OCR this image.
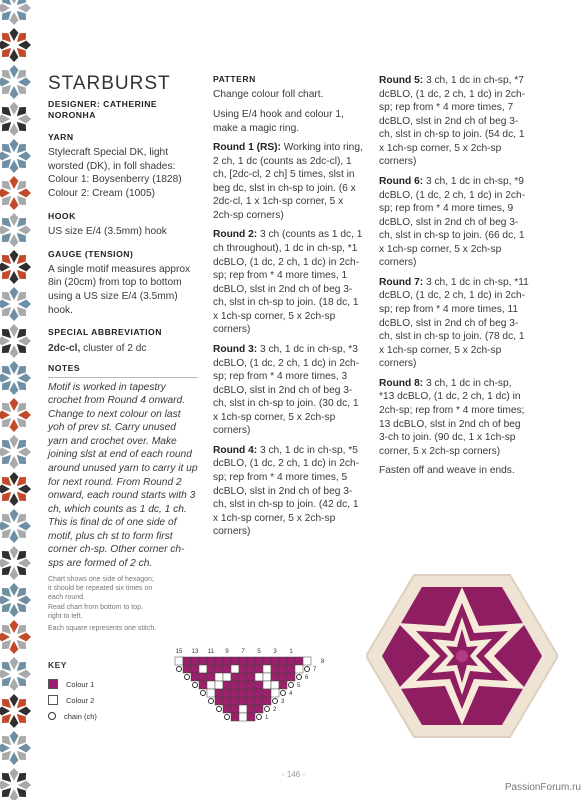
STARBURST
DESIGNER: CATHERINE NORONHA
YARN

Stylecraft Special DK, light worsted (DK), in foll shades:
Colour 1: Boysenberry (1828)
Colour 2: Cream (1005)

HOOK

US size E/4 (3.5mm) hook

GAUGE (TENSION)

A single motif measures approx 8in (20cm) from top to bottom using a US size E/4 (3.5mm) hook.

SPECIAL ABBREVIATION

2dc-cl, cluster of 2 dc

NOTES

Motif is worked in tapestry crochet from Round 4 onward. Change to next colour on last yoh of prev st. Carry unused yarn and crochet over. Make joining slst at end of each round around unused yarn to carry it up for next round. From Round 2 onward, each round starts with 3 ch, which counts as 1 dc, 1 ch. This is final dc of one side of motif, plus ch st to form first corner ch-sp. Other corner ch-sps are formed of 2 ch.

PATTERN

Change colour foll chart.

Using E/4 hook and colour 1, make a magic ring.

Round 1 (RS): Working into ring, 2 ch, 1 dc (counts as 2dc-cl), 1 ch, [2dc-cl, 2 ch] 5 times, slst in beg dc, slst in ch-sp to join. (6 x 2dc-cl, 1 x 1ch-sp corner, 5 x 2ch-sp corners)

Round 2: 3 ch (counts as 1 dc, 1 ch throughout), 1 dc in ch-sp, *1 dcBLO, (1 dc, 2 ch, 1 dc) in 2ch-sp; rep from * 4 more times, 1 dcBLO, slst in 2nd ch of beg 3-ch, slst in ch-sp to join. (18 dc, 1 x 1ch-sp corner, 5 x 2ch-sp corners)

Round 3: 3 ch, 1 dc in ch-sp, *3 dcBLO, (1 dc, 2 ch, 1 dc) in 2ch-sp; rep from * 4 more times, 3 dcBLO, slst in 2nd ch of beg 3-ch, slst in ch-sp to join. (30 dc, 1 x 1ch-sp corner, 5 x 2ch-sp corners)

Round 4: 3 ch, 1 dc in ch-sp, *5 dcBLO, (1 dc, 2 ch, 1 dc) in 2ch-sp; rep from * 4 more times, 5 dcBLO, slst in 2nd ch of beg 3-ch, slst in ch-sp to join. (42 dc, 1 x 1ch-sp corner, 5 x 2ch-sp corners)

Round 5: 3 ch, 1 dc in ch-sp, *7 dcBLO, (1 dc, 2 ch, 1 dc) in 2ch-sp; rep from * 4 more times, 7 dcBLO, slst in 2nd ch of beg 3-ch, slst in ch-sp to join. (54 dc, 1 x 1ch-sp corner, 5 x 2ch-sp corners)

Round 6: 3 ch, 1 dc in ch-sp, *9 dcBLO, (1 dc, 2 ch, 1 dc) in 2ch-sp; rep from * 4 more times, 9 dcBLO, slst in 2nd ch of beg 3-ch, slst in ch-sp to join. (66 dc, 1 x 1ch-sp corner, 5 x 2ch-sp corners)

Round 7: 3 ch, 1 dc in ch-sp, *11 dcBLO, (1 dc, 2 ch, 1 dc) in 2ch-sp; rep from * 4 more times, 11 dcBLO, slst in 2nd ch of beg 3-ch, slst in ch-sp to join. (78 dc, 1 x 1ch-sp corner, 5 x 2ch-sp corners)

Round 8: 3 ch, 1 dc in ch-sp, *13 dcBLO, (1 dc, 2 ch, 1 dc) in 2ch-sp; rep from * 4 more times; 13 dcBLO, slst in 2nd ch of beg 3-ch to join. (90 dc, 1 x 1ch-sp corner, 5 x 2ch-sp corners)

Fasten off and weave in ends.

Chart shows one side of hexagon; it should be repeated six times on each round.
Read chart from bottom to top, right to left.
Each square represents one stitch.
KEY
Colour 1
Colour 2
chain (ch)
15 13 11 9 7 5 3 1
8
7
6
5
4
3
2
1
- 146 -
PassionForum.ru
